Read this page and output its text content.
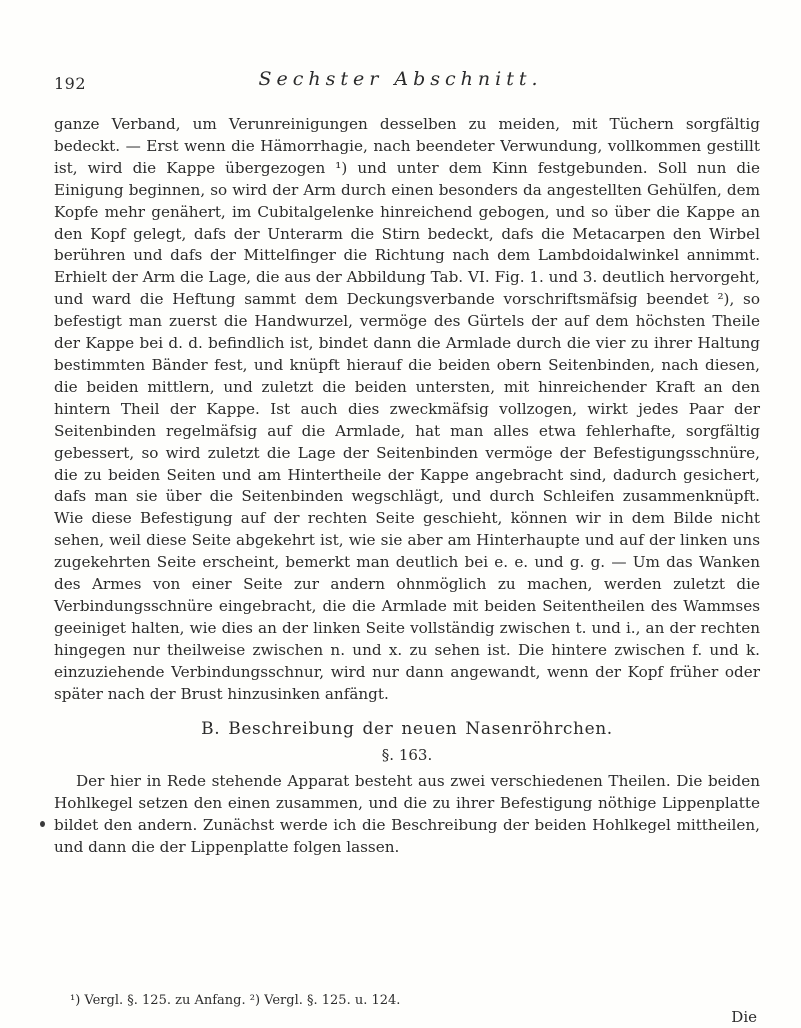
192	Sechster Abschnitt.

ganze Verband, um Verunreinigungen desselben zu meiden, mit Tüchern sorgfältig bedeckt. — Erst wenn die Hämorrhagie, nach beendeter Verwundung, vollkommen gestillt ist, wird die Kappe übergezogen ¹) und unter dem Kinn festgebunden. Soll nun die Einigung beginnen, so wird der Arm durch einen besonders da angestellten Gehülfen, dem Kopfe mehr genähert, im Cubitalgelenke hinreichend gebogen, und so über die Kappe an den Kopf gelegt, dafs der Unterarm die Stirn bedeckt, dafs die Metacarpen den Wirbel berühren und dafs der Mittelfinger die Richtung nach dem Lambdoidalwinkel annimmt. Erhielt der Arm die Lage, die aus der Abbildung Tab. VI. Fig. 1. und 3. deutlich hervorgeht, und ward die Heftung sammt dem Deckungsverbande vorschriftsmäfsig beendet ²), so befestigt man zuerst die Handwurzel, vermöge des Gürtels der auf dem höchsten Theile der Kappe bei d. d. befindlich ist, bindet dann die Armlade durch die vier zu ihrer Haltung bestimmten Bänder fest, und knüpft hierauf die beiden obern Seitenbinden, nach diesen, die beiden mittlern, und zuletzt die beiden untersten, mit hinreichender Kraft an den hintern Theil der Kappe. Ist auch dies zweckmäfsig vollzogen, wirkt jedes Paar der Seitenbinden regelmäfsig auf die Armlade, hat man alles etwa fehlerhafte, sorgfältig gebessert, so wird zuletzt die Lage der Seitenbinden vermöge der Befestigungsschnüre, die zu beiden Seiten und am Hintertheile der Kappe angebracht sind, dadurch gesichert, dafs man sie über die Seitenbinden wegschlägt, und durch Schleifen zusammenknüpft. Wie diese Befestigung auf der rechten Seite geschieht, können wir in dem Bilde nicht sehen, weil diese Seite abgekehrt ist, wie sie aber am Hinterhaupte und auf der linken uns zugekehrten Seite erscheint, bemerkt man deutlich bei e. e. und g. g. — Um das Wanken des Armes von einer Seite zur andern ohnmöglich zu machen, werden zuletzt die Verbindungsschnüre eingebracht, die die Armlade mit beiden Seitentheilen des Wammses geeiniget halten, wie dies an der linken Seite vollständig zwischen t. und i., an der rechten hingegen nur theilweise zwischen n. und x. zu sehen ist. Die hintere zwischen f. und k. einzuziehende Verbindungsschnur, wird nur dann angewandt, wenn der Kopf früher oder später nach der Brust hinzusinken anfängt.

B. Beschreibung der neuen Nasenröhrchen.

§. 163.

Der hier in Rede stehende Apparat besteht aus zwei verschiedenen Theilen. Die beiden Hohlkegel setzen den einen zusammen, und die zu ihrer Befestigung nöthige Lippenplatte bildet den andern. Zunächst werde ich die Beschreibung der beiden Hohlkegel mittheilen, und dann die der Lippenplatte folgen lassen.

¹) Vergl. §. 125. zu Anfang. ²) Vergl. §. 125. u. 124.
Die
